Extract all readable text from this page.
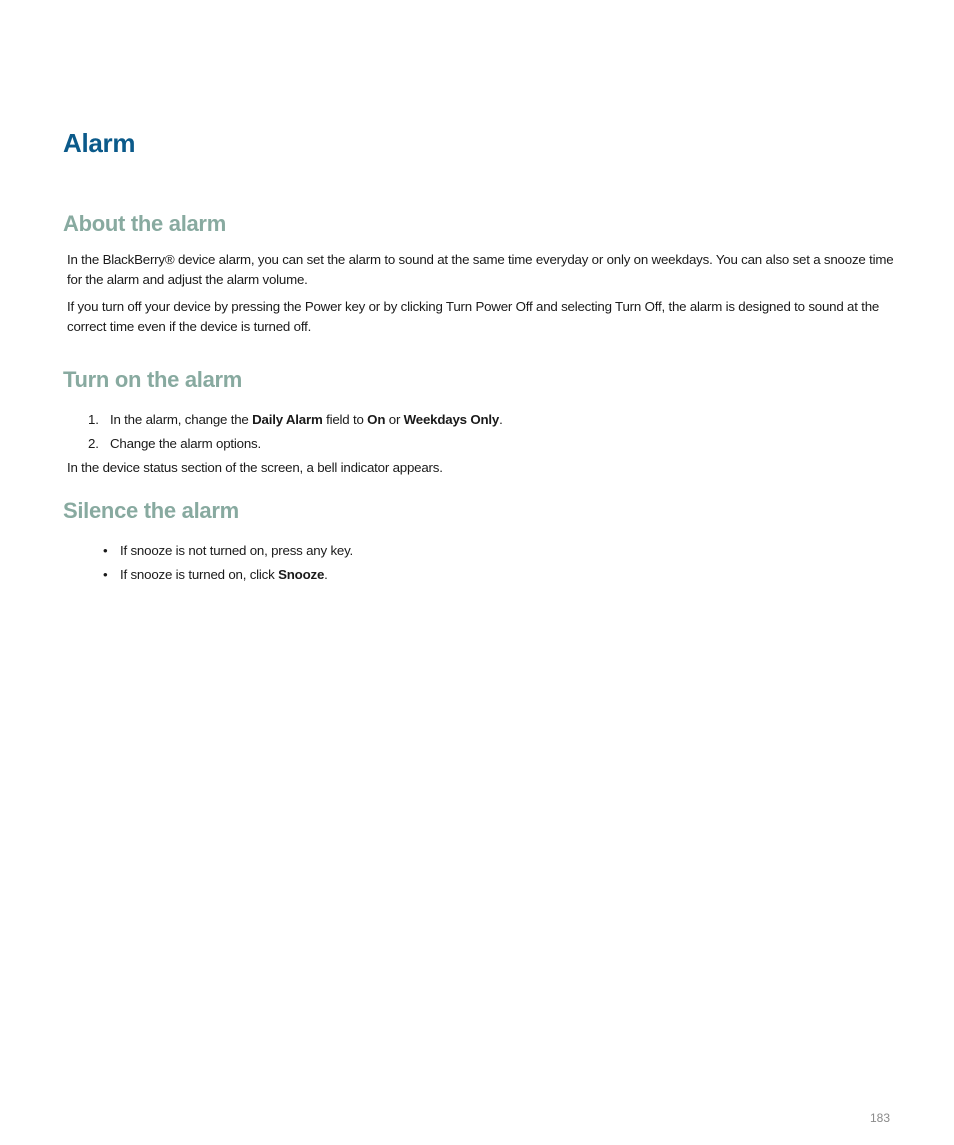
Alarm
About the alarm

In the BlackBerry® device alarm, you can set the alarm to sound at the same time everyday or only on weekdays. You can also set a snooze time for the alarm and adjust the alarm volume.

If you turn off your device by pressing the Power key or by clicking Turn Power Off and selecting Turn Off, the alarm is designed to sound at the correct time even if the device is turned off.

Turn on the alarm
1. In the alarm, change the Daily Alarm field to On or Weekdays Only.
2. Change the alarm options.

In the device status section of the screen, a bell indicator appears.

Silence the alarm
• If snooze is not turned on, press any key.
• If snooze is turned on, click Snooze.
183
